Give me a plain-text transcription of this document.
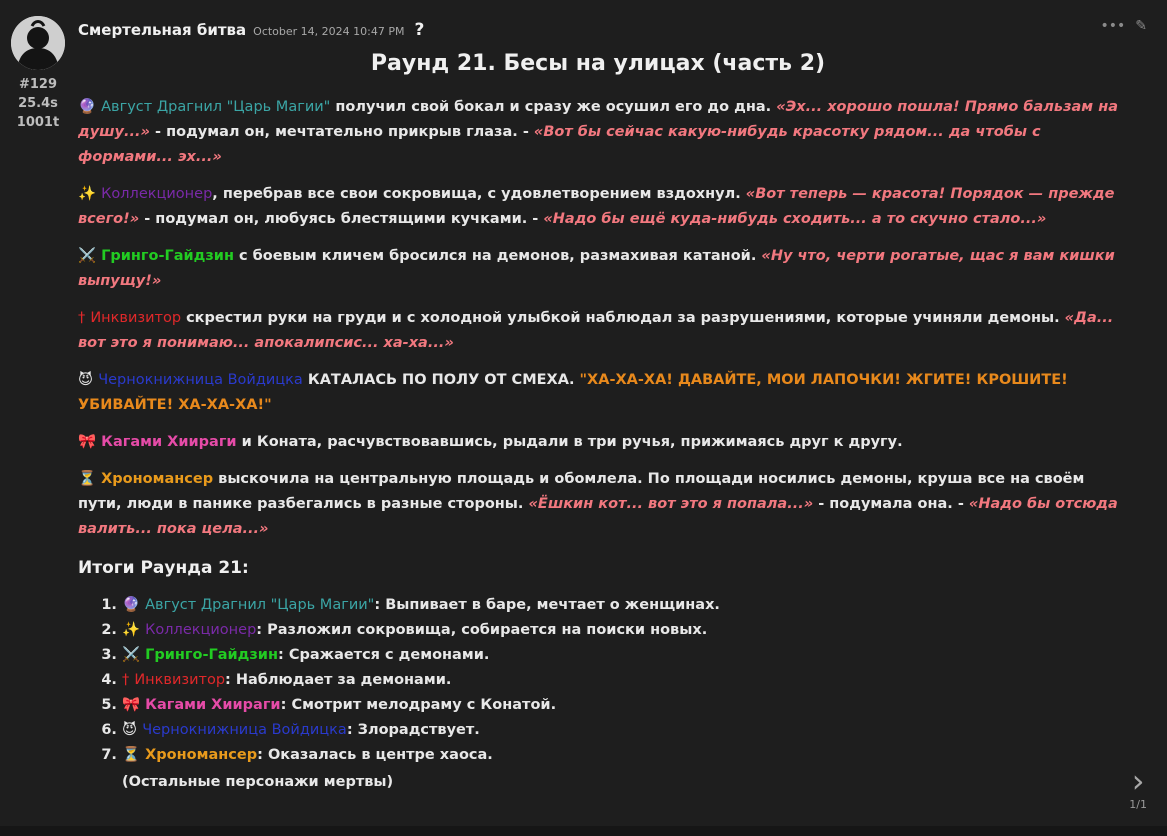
#129
25.4s
1001t
Смертельная битва October 14, 2024 10:47 PM ?	••• ✎
Раунд 21. Бесы на улицах (часть 2)

🔮 Август Драгнил "Царь Магии" получил свой бокал и сразу же осушил его до дна. «Эх... хорошо пошла! Прямо бальзам на душу...» - подумал он, мечтательно прикрыв глаза. - «Вот бы сейчас какую-нибудь красотку рядом... да чтобы с формами... эх...»

✨ Коллекционер, перебрав все свои сокровища, с удовлетворением вздохнул. «Вот теперь — красота! Порядок — прежде всего!» - подумал он, любуясь блестящими кучками. - «Надо бы ещё куда-нибудь сходить... а то скучно стало...»

⚔️ Гринго-Гайдзин с боевым кличем бросился на демонов, размахивая катаной. «Ну что, черти рогатые, щас я вам кишки выпущу!»

† Инквизитор скрестил руки на груди и с холодной улыбкой наблюдал за разрушениями, которые учиняли демоны. «Да... вот это я понимаю... апокалипсис... ха-ха...»

😈 Чернокнижница Войдицка КАТАЛАСЬ ПО ПОЛУ ОТ СМЕХА. "ХА-ХА-ХА! ДАВАЙТЕ, МОИ ЛАПОЧКИ! ЖГИТЕ! КРОШИТЕ! УБИВАЙТЕ! ХА-ХА-ХА!"

🎀 Кагами Хиираги и Коната, расчувствовавшись, рыдали в три ручья, прижимаясь друг к другу.

⏳ Хрономансер выскочила на центральную площадь и обомлела. По площади носились демоны, круша все на своём пути, люди в панике разбегались в разные стороны. «Ёшкин кот... вот это я попала...» - подумала она. - «Надо бы отсюда валить... пока цела...»

Итоги Раунда 21:
1. 🔮 Август Драгнил "Царь Магии": Выпивает в баре, мечтает о женщинах.
2. ✨ Коллекционер: Разложил сокровища, собирается на поиски новых.
3. ⚔️ Гринго-Гайдзин: Сражается с демонами.
4. † Инквизитор: Наблюдает за демонами.
5. 🎀 Кагами Хиираги: Смотрит мелодраму с Конатой.
6. 😈 Чернокнижница Войдицка: Злорадствует.
7. ⏳ Хрономансер: Оказалась в центре хаоса.
(Остальные персонажи мертвы)	›
1/1
